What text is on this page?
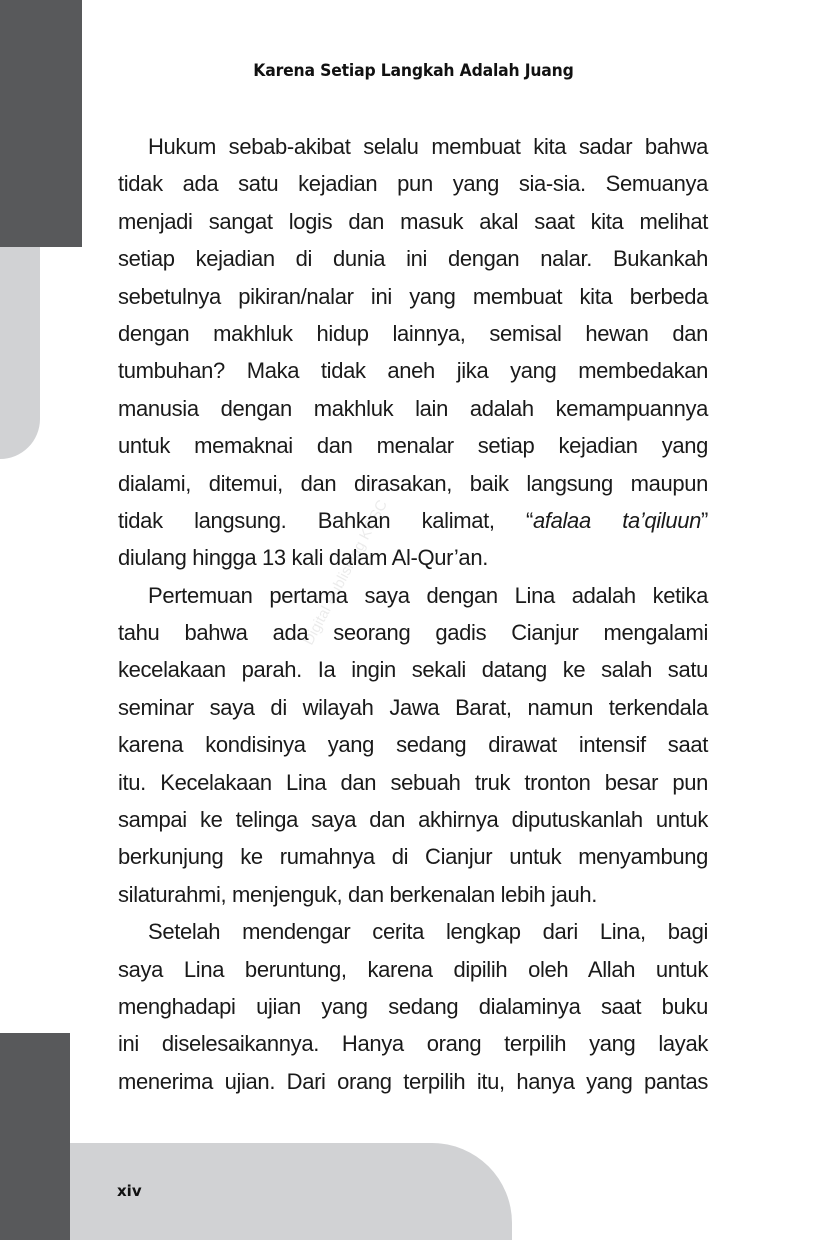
Karena Setiap Langkah Adalah Juang
Digital Publishing KGSC
Hukum sebab-akibat selalu membuat kita sadar bahwa
tidak ada satu kejadian pun yang sia-sia. Semuanya
menjadi sangat logis dan masuk akal saat kita melihat
setiap kejadian di dunia ini dengan nalar. Bukankah
sebetulnya pikiran/nalar ini yang membuat kita berbeda
dengan makhluk hidup lainnya, semisal hewan dan
tumbuhan? Maka tidak aneh jika yang membedakan
manusia dengan makhluk lain adalah kemampuannya
untuk memaknai dan menalar setiap kejadian yang
dialami, ditemui, dan dirasakan, baik langsung maupun
tidak langsung. Bahkan kalimat, “afalaa ta’qiluun”
diulang hingga 13 kali dalam Al-Qur’an.
Pertemuan pertama saya dengan Lina adalah ketika
tahu bahwa ada seorang gadis Cianjur mengalami
kecelakaan parah. Ia ingin sekali datang ke salah satu
seminar saya di wilayah Jawa Barat, namun terkendala
karena kondisinya yang sedang dirawat intensif saat
itu. Kecelakaan Lina dan sebuah truk tronton besar pun
sampai ke telinga saya dan akhirnya diputuskanlah untuk
berkunjung ke rumahnya di Cianjur untuk menyambung
silaturahmi, menjenguk, dan berkenalan lebih jauh.
Setelah mendengar cerita lengkap dari Lina, bagi
saya Lina beruntung, karena dipilih oleh Allah untuk
menghadapi ujian yang sedang dialaminya saat buku
ini diselesaikannya. Hanya orang terpilih yang layak
menerima ujian. Dari orang terpilih itu, hanya yang pantas
xiv
